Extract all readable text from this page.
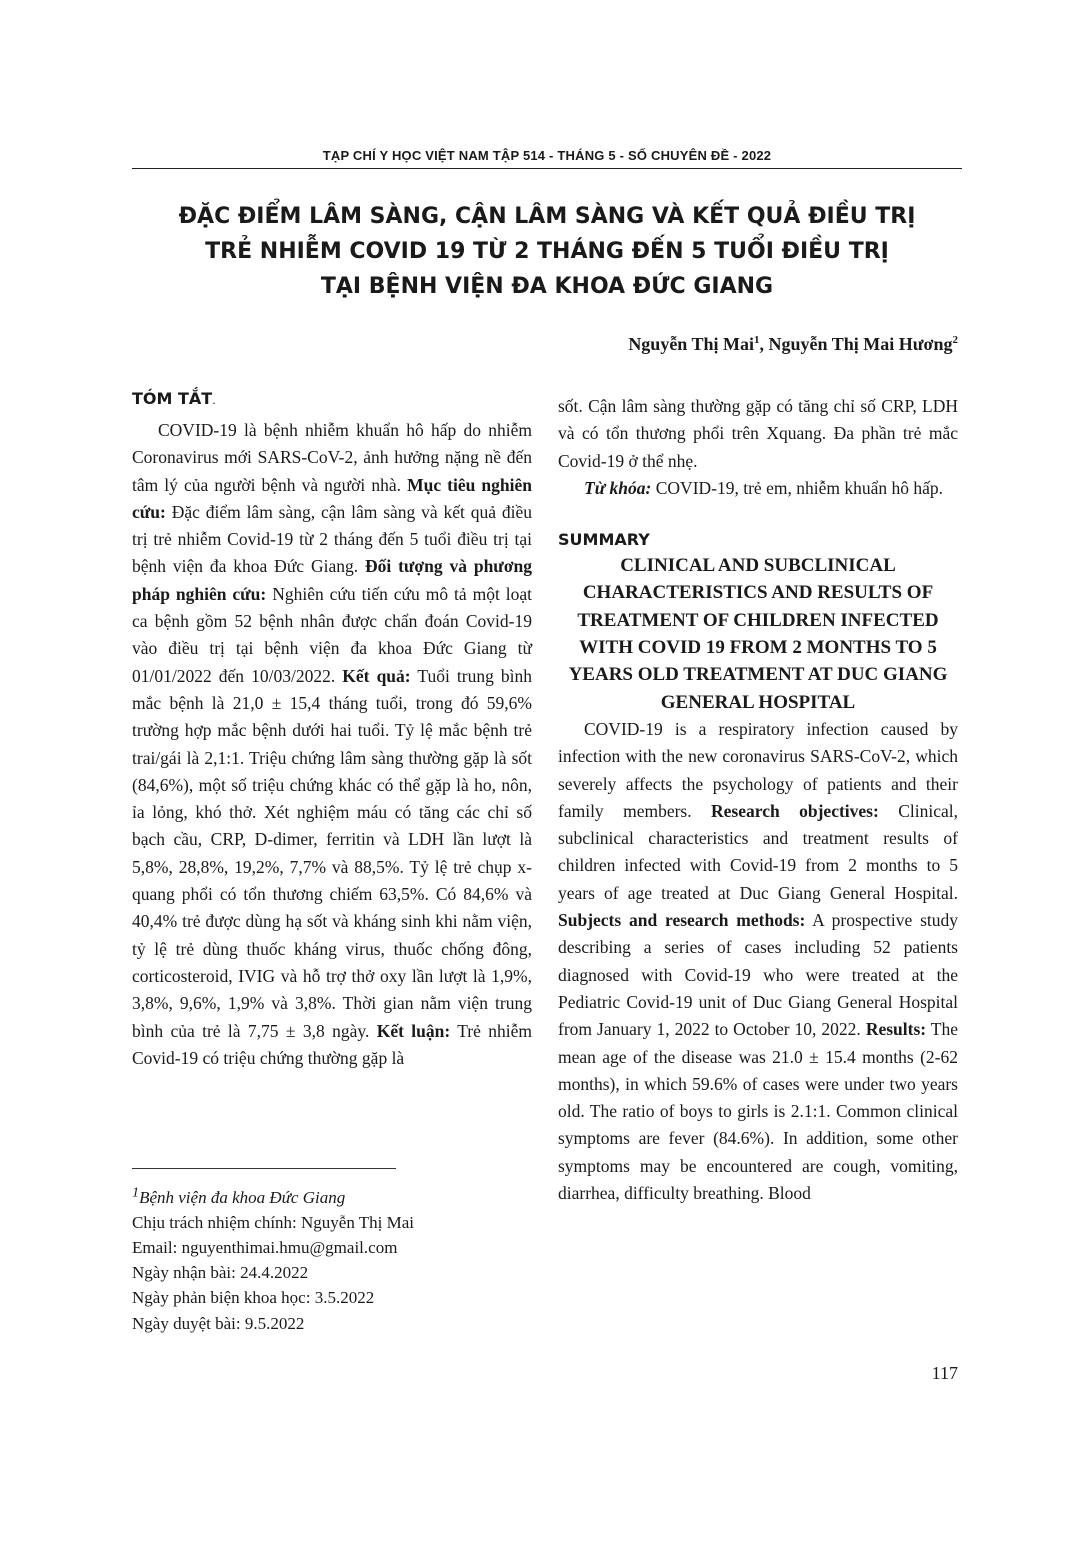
TẠP CHÍ Y HỌC VIỆT NAM TẬP 514 - THÁNG 5 - SỐ CHUYÊN ĐỀ - 2022
ĐẶC ĐIỂM LÂM SÀNG, CẬN LÂM SÀNG VÀ KẾT QUẢ ĐIỀU TRỊ
TRẺ NHIỄM COVID 19 TỪ 2 THÁNG ĐẾN 5 TUỔI ĐIỀU TRỊ
TẠI BỆNH VIỆN ĐA KHOA ĐỨC GIANG
Nguyễn Thị Mai$^1$, Nguyễn Thị Mai Hương$^2$
TÓM TẮT.

COVID-19 là bệnh nhiễm khuẩn hô hấp do nhiễm Coronavirus mới SARS-CoV-2, ảnh hưởng nặng nề đến tâm lý của người bệnh và người nhà. Mục tiêu nghiên cứu: Đặc điểm lâm sàng, cận lâm sàng và kết quả điều trị trẻ nhiễm Covid-19 từ 2 tháng đến 5 tuổi điều trị tại bệnh viện đa khoa Đức Giang. Đối tượng và phương pháp nghiên cứu: Nghiên cứu tiến cứu mô tả một loạt ca bệnh gồm 52 bệnh nhân được chẩn đoán Covid-19 vào điều trị tại bệnh viện đa khoa Đức Giang từ 01/01/2022 đến 10/03/2022. Kết quả: Tuổi trung bình mắc bệnh là 21,0 ± 15,4 tháng tuổi, trong đó 59,6% trường hợp mắc bệnh dưới hai tuổi. Tỷ lệ mắc bệnh trẻ trai/gái là 2,1:1. Triệu chứng lâm sàng thường gặp là sốt (84,6%), một số triệu chứng khác có thể gặp là ho, nôn, ỉa lỏng, khó thở. Xét nghiệm máu có tăng các chỉ số bạch cầu, CRP, D-dimer, ferritin và LDH lần lượt là 5,8%, 28,8%, 19,2%, 7,7% và 88,5%. Tỷ lệ trẻ chụp x-quang phổi có tổn thương chiếm 63,5%. Có 84,6% và 40,4% trẻ được dùng hạ sốt và kháng sinh khi nằm viện, tỷ lệ trẻ dùng thuốc kháng virus, thuốc chống đông, corticosteroid, IVIG và hỗ trợ thở oxy lần lượt là 1,9%, 3,8%, 9,6%, 1,9% và 3,8%. Thời gian nằm viện trung bình của trẻ là 7,75 ± 3,8 ngày. Kết luận: Trẻ nhiễm Covid-19 có triệu chứng thường gặp là

$^1$Bệnh viện đa khoa Đức Giang
Chịu trách nhiệm chính: Nguyễn Thị Mai
Email: nguyenthimai.hmu@gmail.com
Ngày nhận bài: 24.4.2022
Ngày phản biện khoa học: 3.5.2022
Ngày duyệt bài: 9.5.2022

sốt. Cận lâm sàng thường gặp có tăng chỉ số CRP, LDH và có tổn thương phổi trên Xquang. Đa phần trẻ mắc Covid-19 ở thể nhẹ.

Từ khóa: COVID-19, trẻ em, nhiễm khuẩn hô hấp.

SUMMARY

CLINICAL AND SUBCLINICAL CHARACTERISTICS AND RESULTS OF TREATMENT OF CHILDREN INFECTED WITH COVID 19 FROM 2 MONTHS TO 5 YEARS OLD TREATMENT AT DUC GIANG GENERAL HOSPITAL

COVID-19 is a respiratory infection caused by infection with the new coronavirus SARS-CoV-2, which severely affects the psychology of patients and their family members. Research objectives: Clinical, subclinical characteristics and treatment results of children infected with Covid-19 from 2 months to 5 years of age treated at Duc Giang General Hospital. Subjects and research methods: A prospective study describing a series of cases including 52 patients diagnosed with Covid-19 who were treated at the Pediatric Covid-19 unit of Duc Giang General Hospital from January 1, 2022 to October 10, 2022. Results: The mean age of the disease was 21.0 ± 15.4 months (2-62 months), in which 59.6% of cases were under two years old. The ratio of boys to girls is 2.1:1. Common clinical symptoms are fever (84.6%). In addition, some other symptoms may be encountered are cough, vomiting, diarrhea, difficulty breathing. Blood

117
